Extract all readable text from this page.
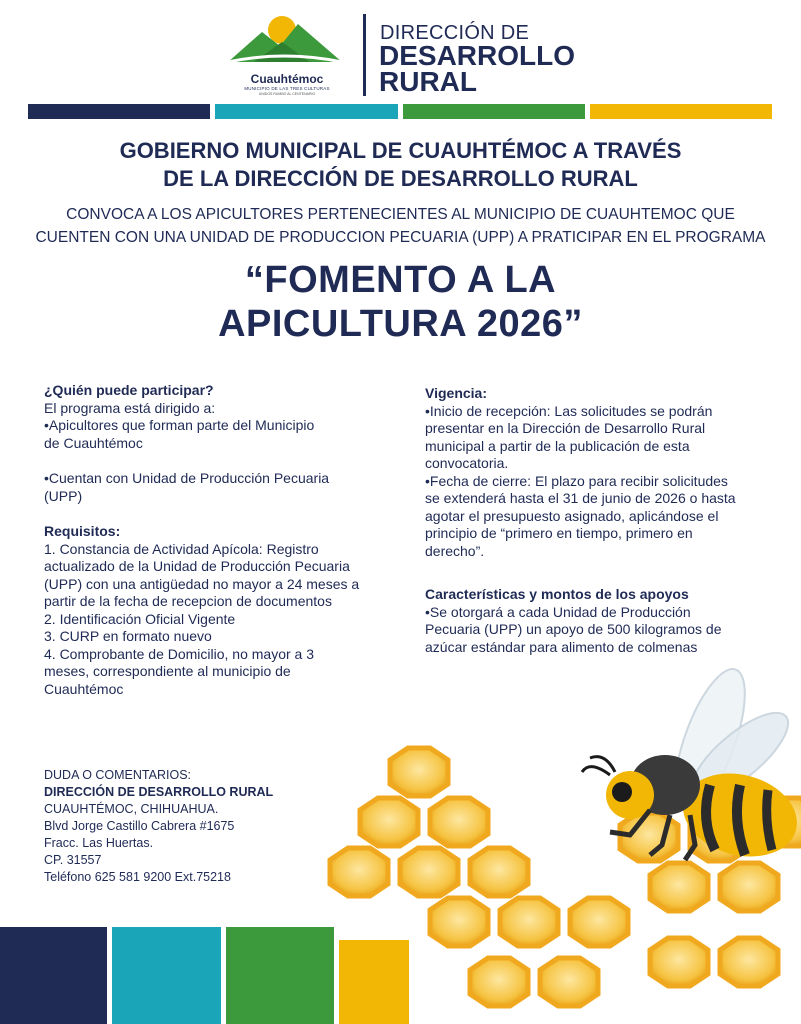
Cuauhtémoc
MUNICIPIO DE LAS TRES CULTURAS
UNIDOS RUMBO AL CENTENARIO
DIRECCIÓN DE
DESARROLLO
RURAL
GOBIERNO MUNICIPAL DE CUAUHTÉMOC A TRAVÉS
DE LA DIRECCIÓN DE DESARROLLO RURAL
CONVOCA A LOS APICULTORES PERTENECIENTES AL MUNICIPIO DE CUAUHTEMOC QUE
CUENTEN CON UNA UNIDAD DE PRODUCCION PECUARIA (UPP) A PRATICIPAR EN EL PROGRAMA
“FOMENTO A LA
APICULTURA 2026”
¿Quién puede participar?

El programa está dirigido a:

•Apicultores que forman parte del Municipio
de Cuauhtémoc

•Cuentan con Unidad de Producción Pecuaria
(UPP)

Requisitos:

1. Constancia de Actividad Apícola: Registro
actualizado de la Unidad de Producción Pecuaria
(UPP) con una antigüedad no mayor a 24 meses a
partir de la fecha de recepcion de documentos

2. Identificación Oficial Vigente

3. CURP en formato nuevo

4. Comprobante de Domicilio, no mayor a 3
meses, correspondiente al municipio de
Cuauhtémoc

Vigencia:

•Inicio de recepción: Las solicitudes se podrán
presentar en la Dirección de Desarrollo Rural
municipal a partir de la publicación de esta
convocatoria.

•Fecha de cierre: El plazo para recibir solicitudes
se extenderá hasta el 31 de junio de 2026 o hasta
agotar el presupuesto asignado, aplicándose el
principio de “primero en tiempo, primero en
derecho”.

Características y montos de los apoyos

•Se otorgará a cada Unidad de Producción
Pecuaria (UPP) un apoyo de 500 kilogramos de
azúcar estándar para alimento de colmenas

DUDA O COMENTARIOS:
DIRECCIÓN DE DESARROLLO RURAL
CUAUHTÉMOC, CHIHUAHUA.
Blvd Jorge Castillo Cabrera #1675
Fracc. Las Huertas.
CP. 31557
Teléfono 625 581 9200 Ext.75218
